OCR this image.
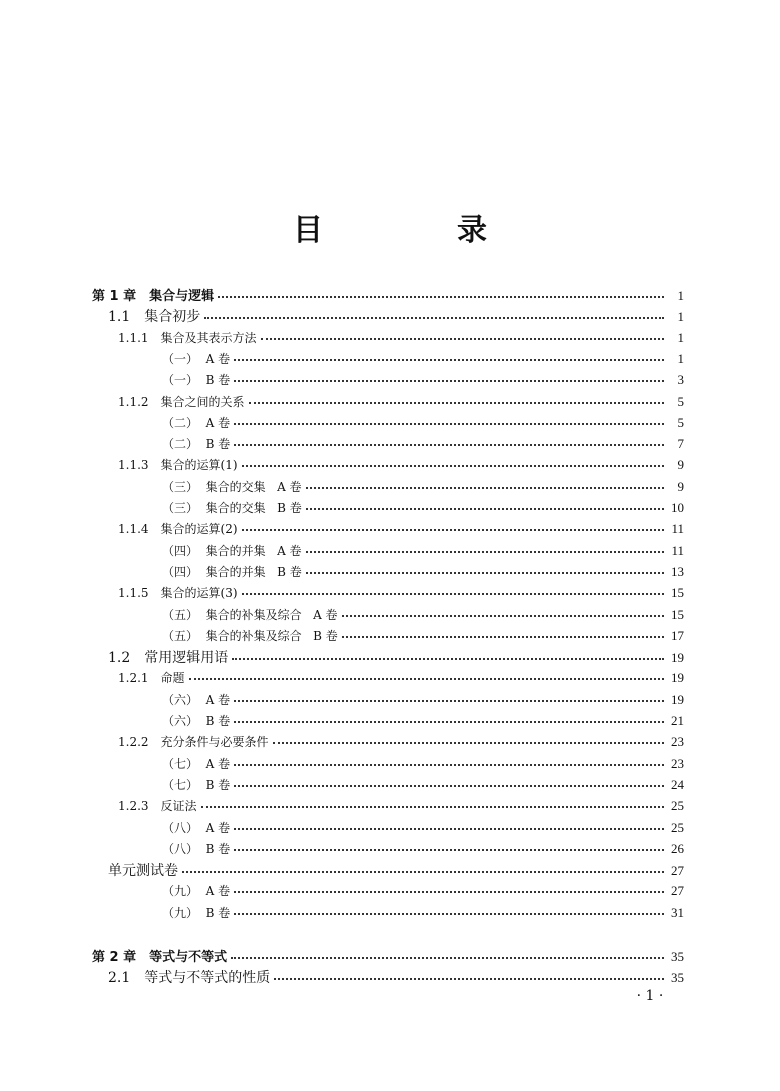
目　录
第 1 章　集合与逻辑	1
1.1　集合初步	1
1.1.1　集合及其表示方法	1
（一）  A 卷	1
（一）  B 卷	3
1.1.2　集合之间的关系	5
（二）  A 卷	5
（二）  B 卷	7
1.1.3　集合的运算(1)	9
（三）  集合的交集   A 卷	9
（三）  集合的交集   B 卷	10
1.1.4　集合的运算(2)	11
（四）  集合的并集   A 卷	11
（四）  集合的并集   B 卷	13
1.1.5　集合的运算(3)	15
（五）  集合的补集及综合   A 卷	15
（五）  集合的补集及综合   B 卷	17
1.2　常用逻辑用语	19
1.2.1　命题	19
（六）  A 卷	19
（六）  B 卷	21
1.2.2　充分条件与必要条件	23
（七）  A 卷	23
（七）  B 卷	24
1.2.3　反证法	25
（八）  A 卷	25
（八）  B 卷	26
单元测试卷	27
（九）  A 卷	27
（九）  B 卷	31
第 2 章　等式与不等式	35
2.1　等式与不等式的性质	35
· 1 ·
